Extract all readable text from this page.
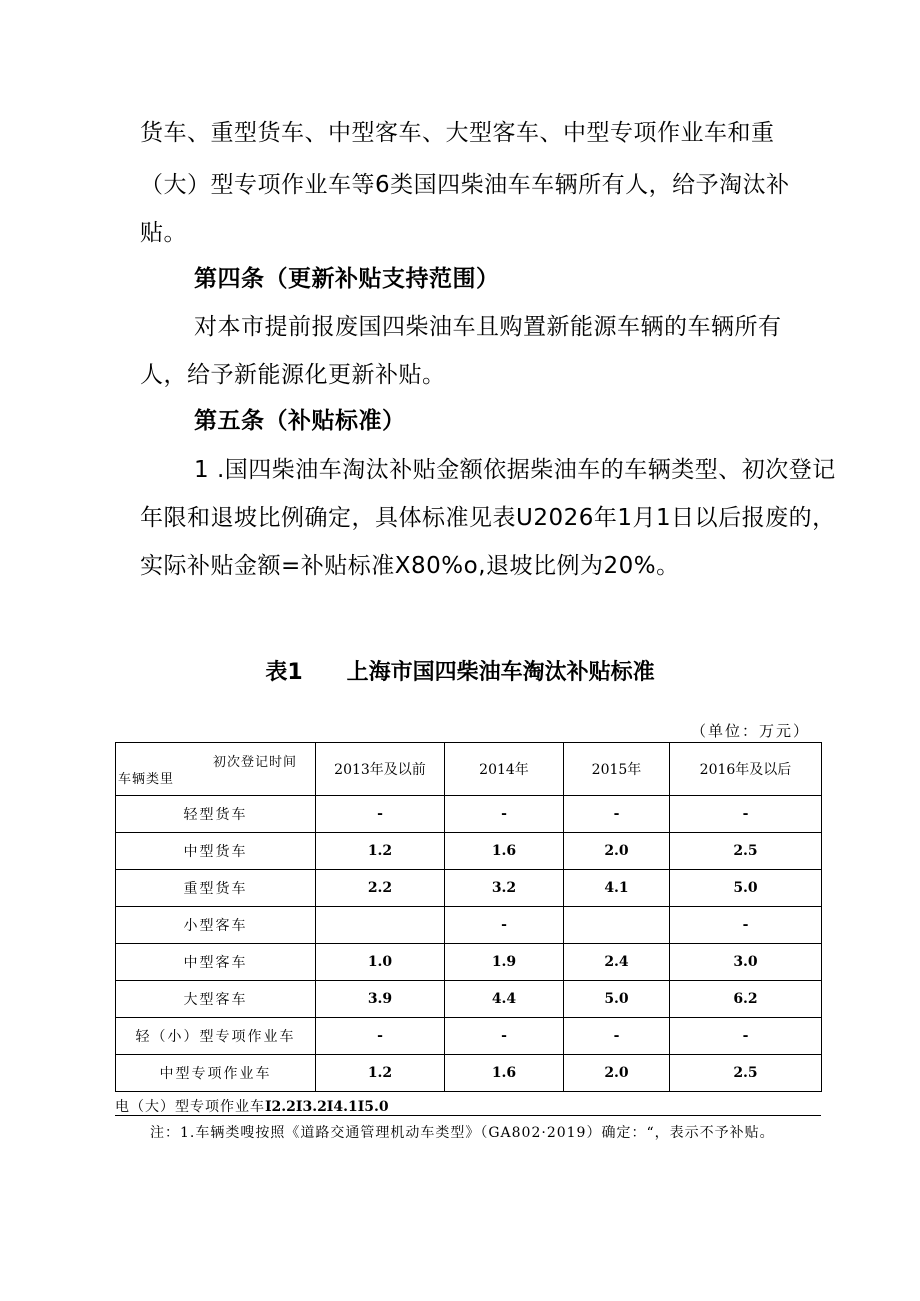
货车、重型货车、中型客车、大型客车、中型专项作业车和重
（大）型专项作业车等6类国四柴油车车辆所有人，给予淘汰补
贴。
第四条（更新补贴支持范围）
对本市提前报废国四柴油车且购置新能源车辆的车辆所有
人，给予新能源化更新补贴。
第五条（补贴标准）
1 .国四柴油车淘汰补贴金额依据柴油车的车辆类型、初次登记
年限和退坡比例确定，具体标准见表U2026年1月1日以后报废的，
实际补贴金额=补贴标准X80%o,退坡比例为20%。
表1 上海市国四柴油车淘汰补贴标准
（单位：万元）
初次登记时间
车辆类里	2013年及以前	2014年	2015年	2016年及以后
轻型货车	-	-	-	-
中型货车	1.2	1.6	2.0	2.5
重型货车	2.2	3.2	4.1	5.0
小型客车		-		-
中型客车	1.0	1.9	2.4	3.0
大型客车	3.9	4.4	5.0	6.2
轻（小）型专项作业车	-	-	-	-
中型专项作业车	1.2	1.6	2.0	2.5
电（大）型专项作业车I2.2I3.2I4.1I5.0
注：1.车辆类嗖按照《道路交通管理机动车类型》（GA802·2019）确定：“，表示不予补贴。
